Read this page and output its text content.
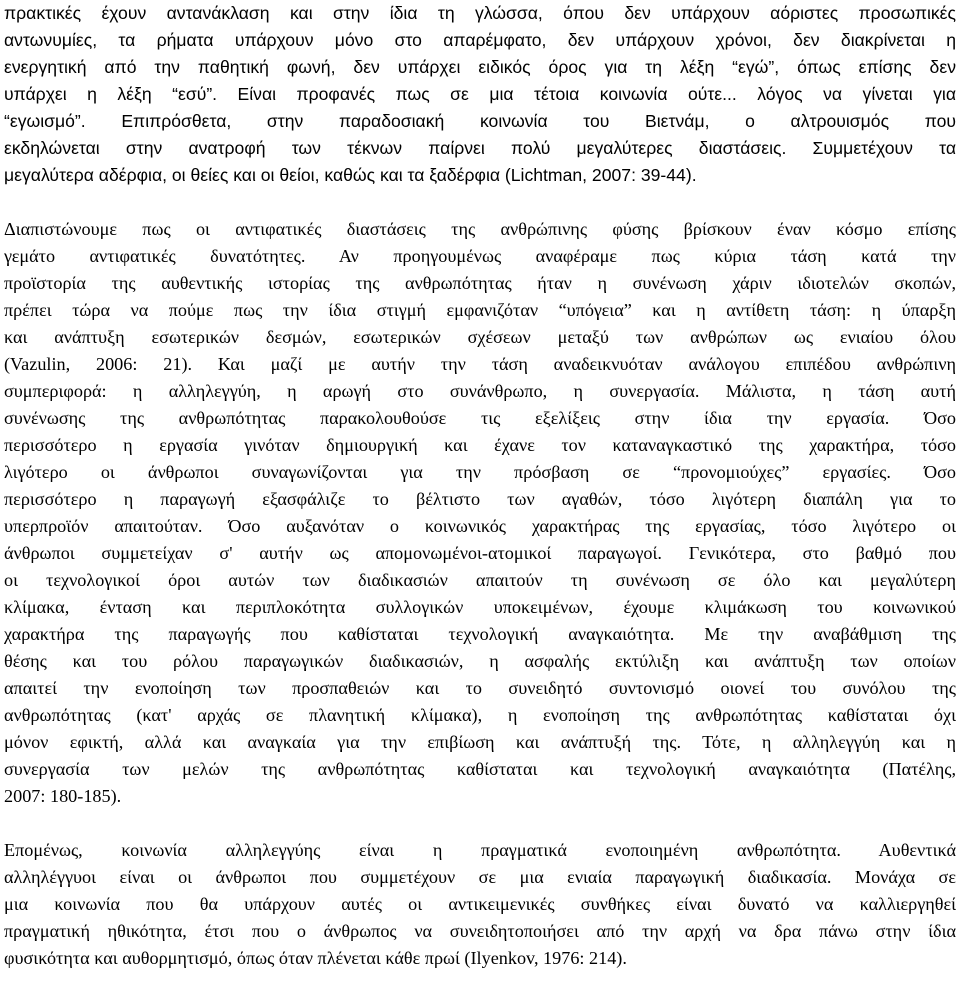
πρακτικές έχουν αντανάκλαση και στην ίδια τη γλώσσα, όπου δεν υπάρχουν αόριστες προσωπικές
αντωνυμίες, τα ρήματα υπάρχουν μόνο στο απαρέμφατο, δεν υπάρχουν χρόνοι, δεν διακρίνεται η
ενεργητική από την παθητική φωνή, δεν υπάρχει ειδικός όρος για τη λέξη “εγώ”, όπως επίσης δεν
υπάρχει η λέξη “εσύ”. Είναι προφανές πως σε μια τέτοια κοινωνία ούτε... λόγος να γίνεται για
“εγωισμό”. Επιπρόσθετα, στην παραδοσιακή κοινωνία του Βιετνάμ, ο αλτρουισμός που
εκδηλώνεται στην ανατροφή των τέκνων παίρνει πολύ μεγαλύτερες διαστάσεις. Συμμετέχουν τα
μεγαλύτερα αδέρφια, οι θείες και οι θείοι, καθώς και τα ξαδέρφια (Lichtman, 2007: 39-44).
Διαπιστώνουμε πως οι αντιφατικές διαστάσεις της ανθρώπινης φύσης βρίσκουν έναν κόσμο επίσης
γεμάτο αντιφατικές δυνατότητες. Αν προηγουμένως αναφέραμε πως κύρια τάση κατά την
προϊστορία της αυθεντικής ιστορίας της ανθρωπότητας ήταν η συνένωση χάριν ιδιοτελών σκοπών,
πρέπει τώρα να πούμε πως την ίδια στιγμή εμφανιζόταν “υπόγεια” και η αντίθετη τάση: η ύπαρξη
και ανάπτυξη εσωτερικών δεσμών, εσωτερικών σχέσεων μεταξύ των ανθρώπων ως ενιαίου όλου
(Vazulin, 2006: 21). Και μαζί με αυτήν την τάση αναδεικνυόταν ανάλογου επιπέδου ανθρώπινη
συμπεριφορά: η αλληλεγγύη, η αρωγή στο συνάνθρωπο, η συνεργασία. Μάλιστα, η τάση αυτή
συνένωσης της ανθρωπότητας παρακολουθούσε τις εξελίξεις στην ίδια την εργασία. Όσο
περισσότερο η εργασία γινόταν δημιουργική και έχανε τον καταναγκαστικό της χαρακτήρα, τόσο
λιγότερο οι άνθρωποι συναγωνίζονται για την πρόσβαση σε “προνομιούχες” εργασίες. Όσο
περισσότερο η παραγωγή εξασφάλιζε το βέλτιστο των αγαθών, τόσο λιγότερη διαπάλη για το
υπερπροϊόν απαιτούταν. Όσο αυξανόταν ο κοινωνικός χαρακτήρας της εργασίας, τόσο λιγότερο οι
άνθρωποι συμμετείχαν σ' αυτήν ως απομονωμένοι-ατομικοί παραγωγοί. Γενικότερα, στο βαθμό που
οι τεχνολογικοί όροι αυτών των διαδικασιών απαιτούν τη συνένωση σε όλο και μεγαλύτερη
κλίμακα, ένταση και περιπλοκότητα συλλογικών υποκειμένων, έχουμε κλιμάκωση του κοινωνικού
χαρακτήρα της παραγωγής που καθίσταται τεχνολογική αναγκαιότητα. Με την αναβάθμιση της
θέσης και του ρόλου παραγωγικών διαδικασιών, η ασφαλής εκτύλιξη και ανάπτυξη των οποίων
απαιτεί την ενοποίηση των προσπαθειών και το συνειδητό συντονισμό οιονεί του συνόλου της
ανθρωπότητας (κατ' αρχάς σε πλανητική κλίμακα), η ενοποίηση της ανθρωπότητας καθίσταται όχι
μόνον εφικτή, αλλά και αναγκαία για την επιβίωση και ανάπτυξή της. Τότε, η αλληλεγγύη και η
συνεργασία των μελών της ανθρωπότητας καθίσταται και τεχνολογική αναγκαιότητα (Πατέλης,
2007: 180-185).
Επομένως, κοινωνία αλληλεγγύης είναι η πραγματικά ενοποιημένη ανθρωπότητα. Αυθεντικά
αλληλέγγυοι είναι οι άνθρωποι που συμμετέχουν σε μια ενιαία παραγωγική διαδικασία. Μονάχα σε
μια κοινωνία που θα υπάρχουν αυτές οι αντικειμενικές συνθήκες είναι δυνατό να καλλιεργηθεί
πραγματική ηθικότητα, έτσι που ο άνθρωπος να συνειδητοποιήσει από την αρχή να δρα πάνω στην ίδια
φυσικότητα και αυθορμητισμό, όπως όταν πλένεται κάθε πρωί (Ilyenkov, 1976: 214).
